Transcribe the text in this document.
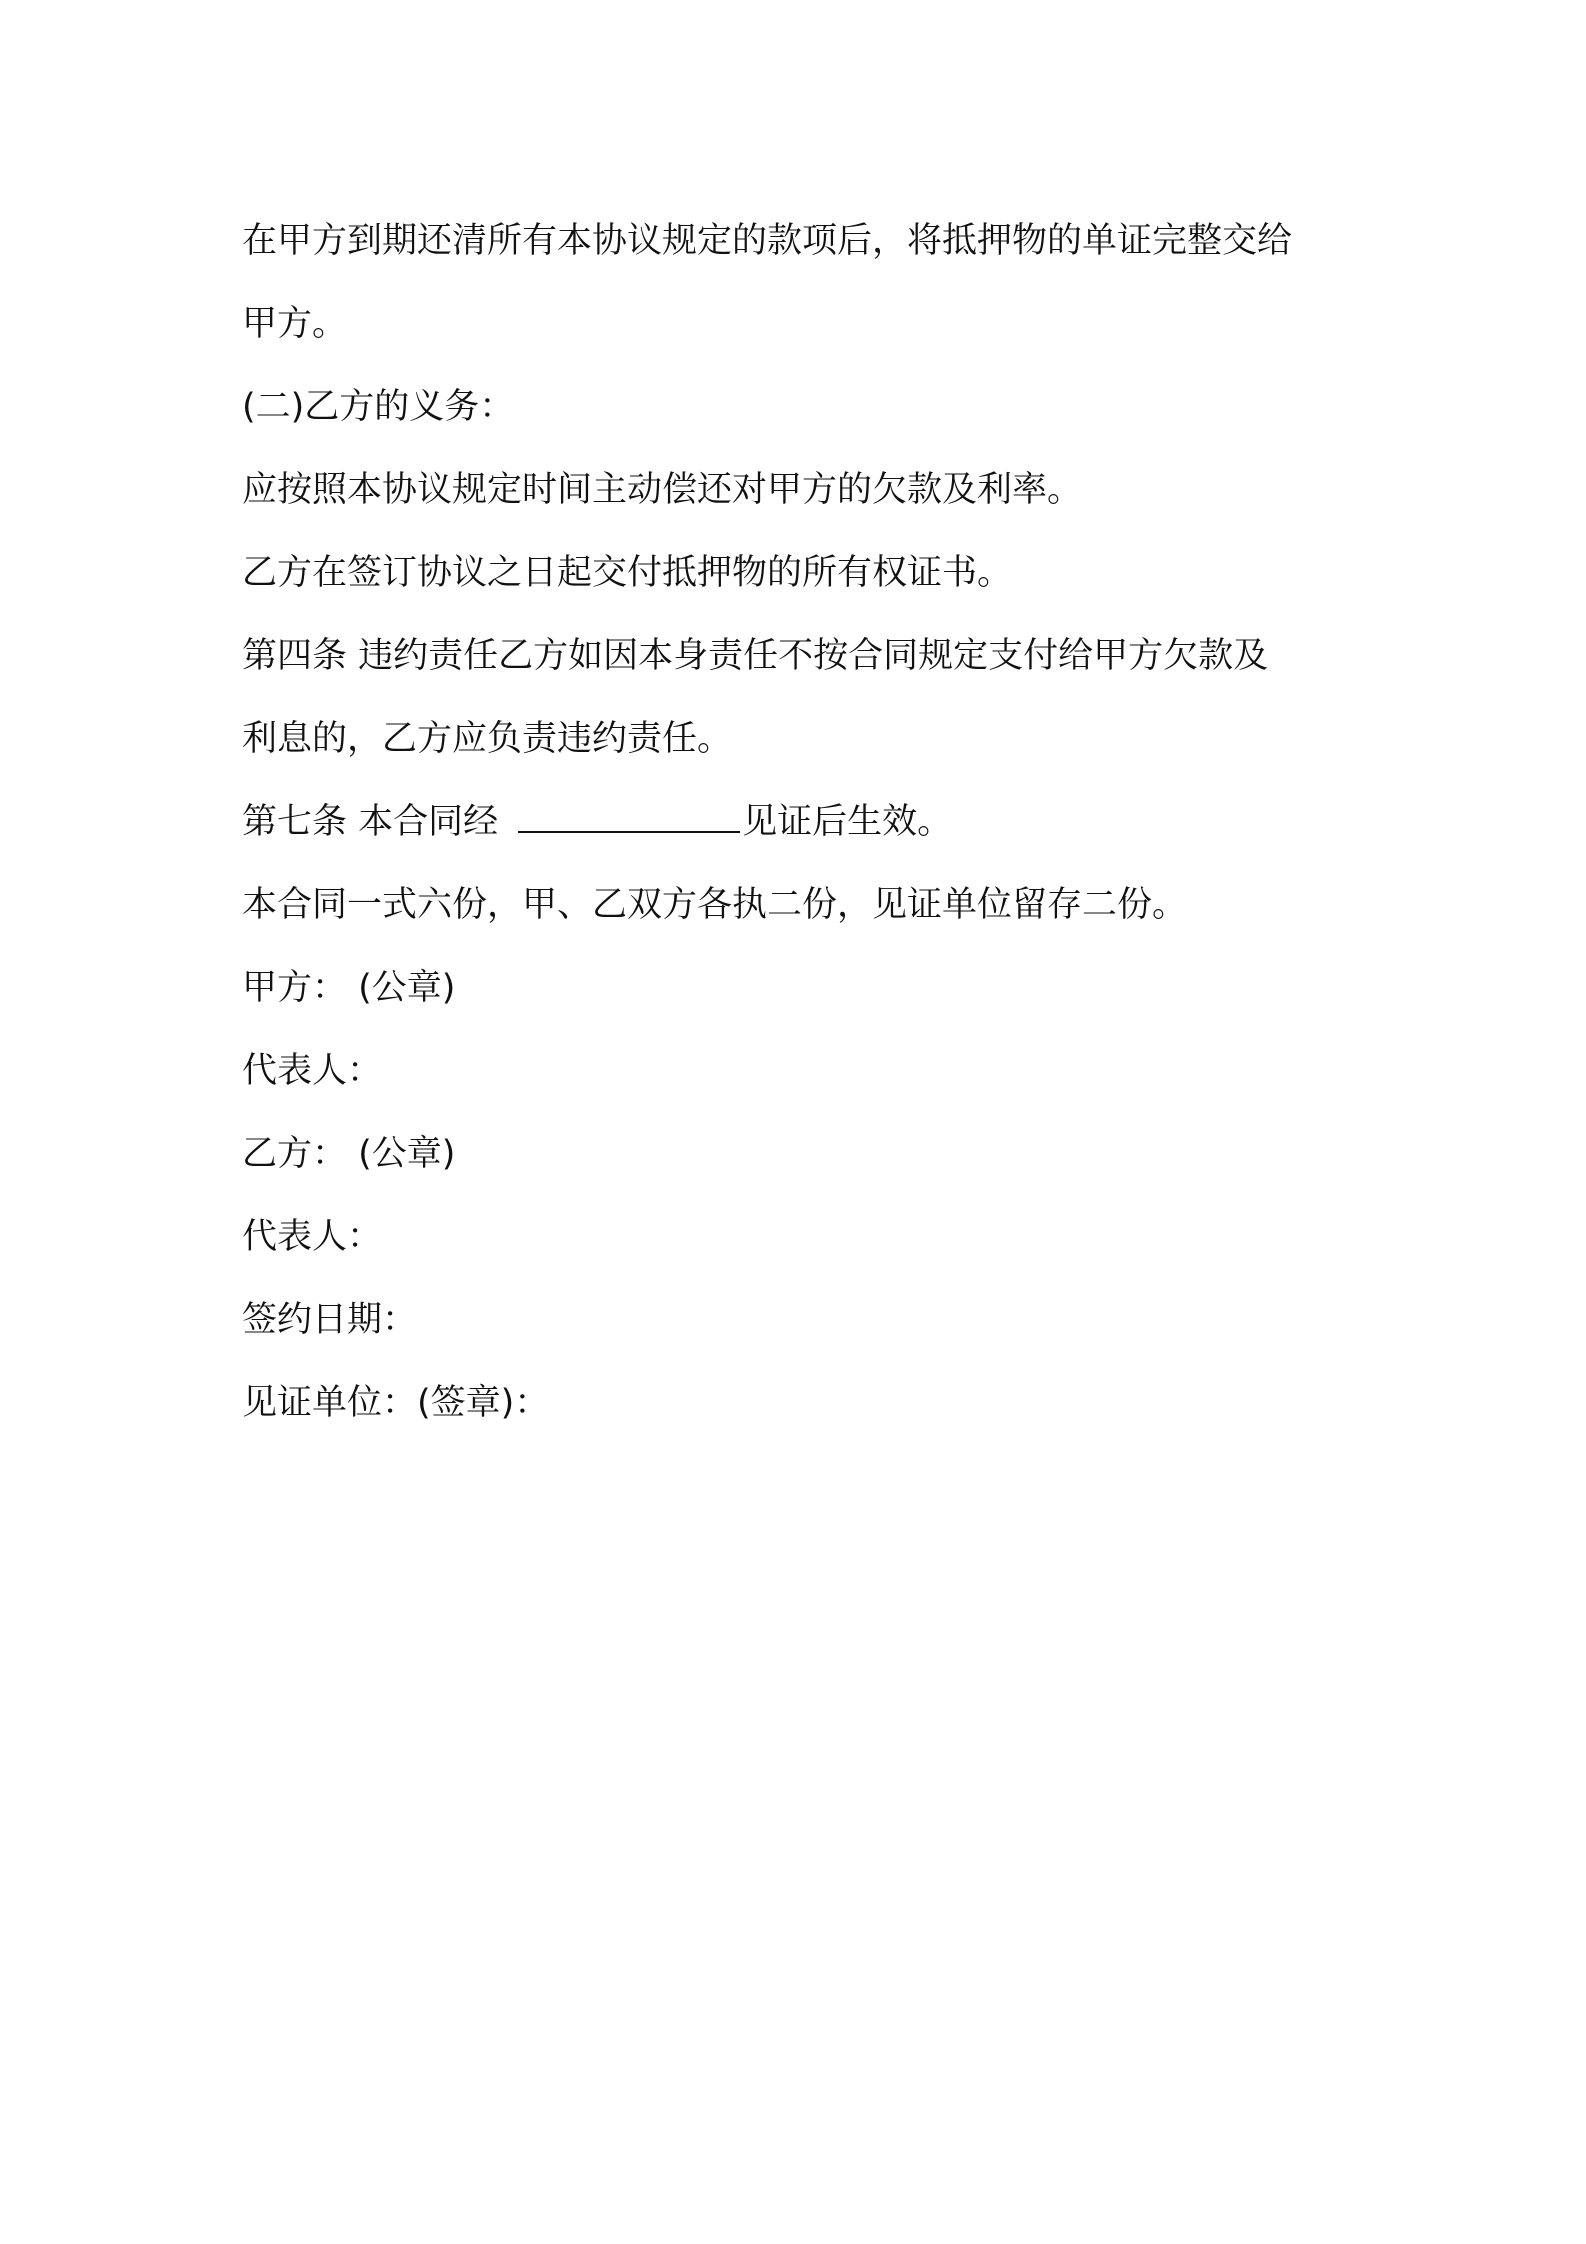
在甲方到期还清所有本协议规定的款项后，将抵押物的单证完整交给
甲方。
(二)乙方的义务：
应按照本协议规定时间主动偿还对甲方的欠款及利率。
乙方在签订协议之日起交付抵押物的所有权证书。
第四条 违约责任乙方如因本身责任不按合同规定支付给甲方欠款及
利息的，乙方应负责违约责任。
第七条 本合同经	见证后生效。
本合同一式六份，甲、乙双方各执二份，见证单位留存二份。
甲方： (公章)
代表人：
乙方： (公章)
代表人：
签约日期：
见证单位：(签章)：
